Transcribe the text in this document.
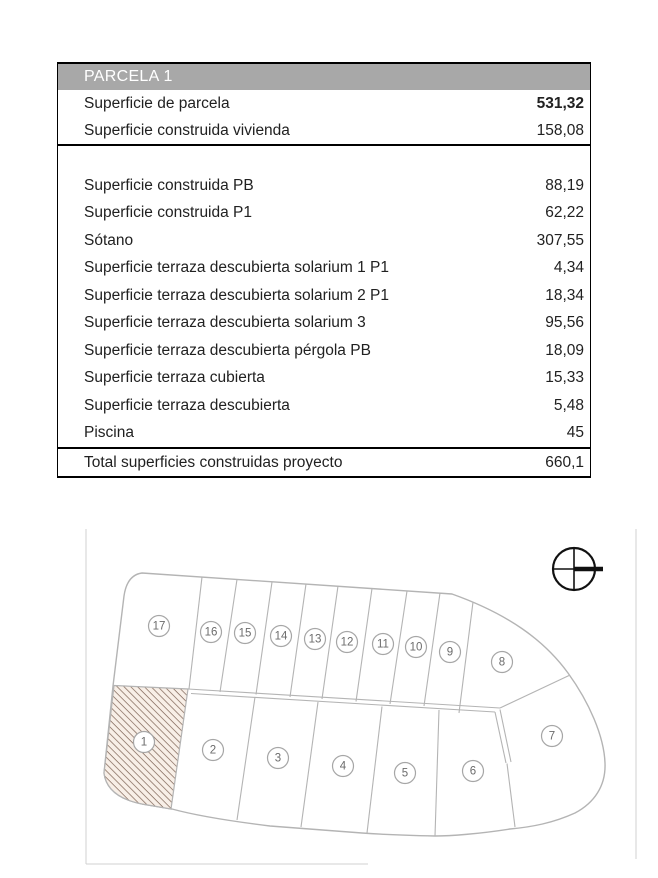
PARCELA 1
Superficie de parcela	531,32
Superficie construida vivienda	158,08
Superficie construida PB	88,19
Superficie construida P1	62,22
Sótano	307,55
Superficie terraza descubierta solarium 1 P1	4,34
Superficie terraza descubierta solarium 2 P1	18,34
Superficie terraza descubierta solarium 3	95,56
Superficie terraza descubierta pérgola PB	18,09
Superficie terraza cubierta	15,33
Superficie terraza descubierta	5,48
Piscina	45
Total superficies construidas proyecto	660,1
1
2
3
4
5	6
7
8
9
10
11
12
13
14
15
16
17
